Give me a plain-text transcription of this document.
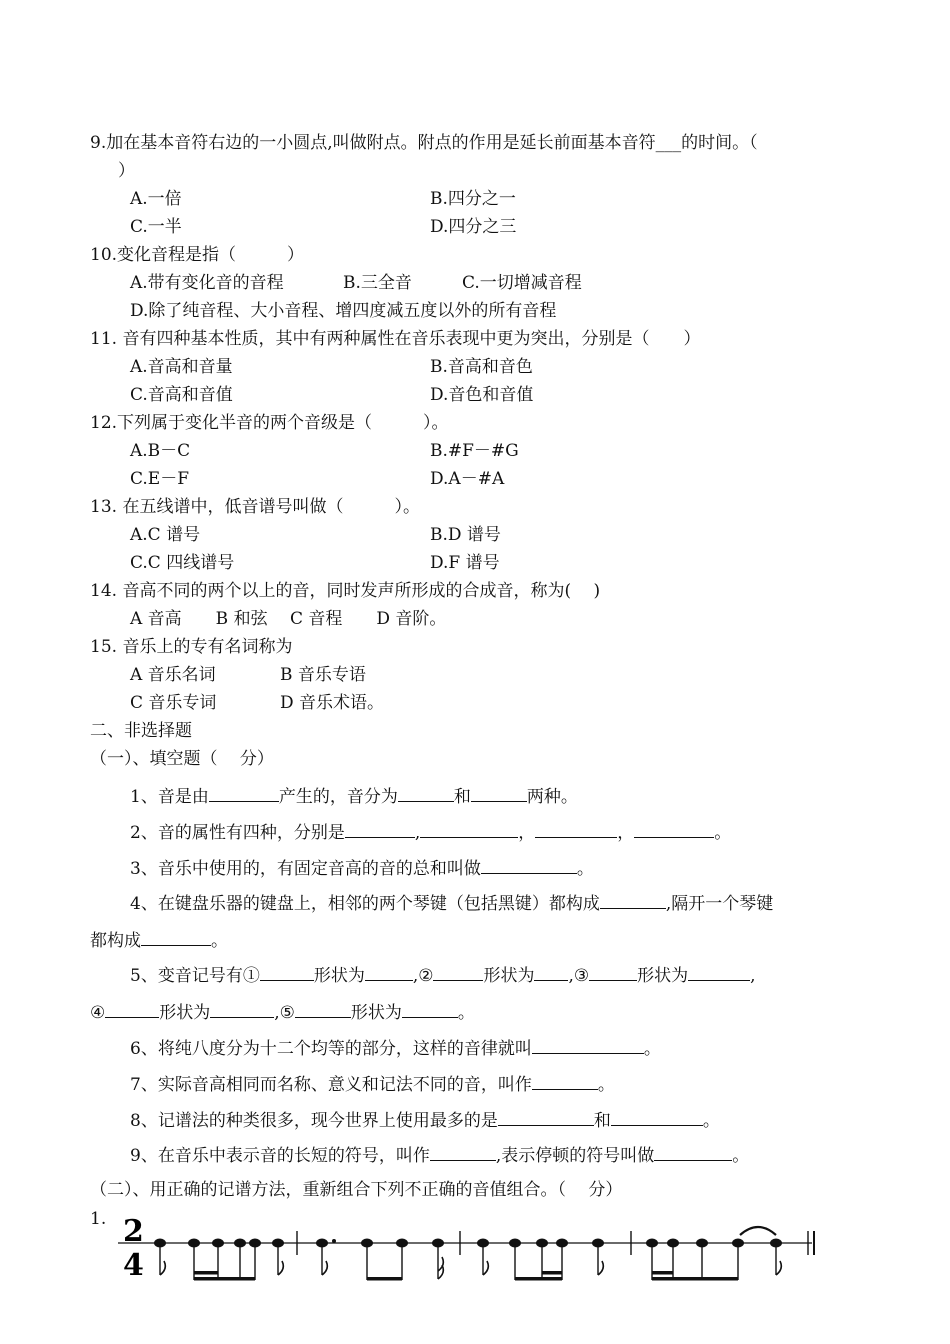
9.加在基本音符右边的一小圆点,叫做附点。附点的作用是延长前面基本音符___的时间。（
）
A.一倍	B.四分之一
C.一半	D.四分之三
10.变化音程是指（　　　）
A.带有变化音的音程	B.三全音	C.一切增减音程
D.除了纯音程、大小音程、增四度减五度以外的所有音程
11. 音有四种基本性质，其中有两种属性在音乐表现中更为突出，分别是（　　）
A.音高和音量	B.音高和音色
C.音高和音值	D.音色和音值
12.下列属于变化半音的两个音级是（　　　）。
A.B－C	B.#F－#G
C.E－F	D.A－#A
13. 在五线谱中，低音谱号叫做（　　　）。
A.C 谱号	B.D 谱号
C.C 四线谱号	D.F 谱号
14. 音高不同的两个以上的音，同时发声所形成的合成音，称为(　 )
A 音高　　B 和弦　 C 音程　　D 音阶。
15. 音乐上的专有名词称为
A 音乐名词	B 音乐专语
C 音乐专词	D 音乐术语。
二、非选择题
（一）、填空题（　 分）
1、音是由	产生的，音分为	和	两种。
2、音的属性有四种，分别是	,	，	，	。
3、音乐中使用的，有固定音高的音的总和叫做	。
4、在键盘乐器的键盘上，相邻的两个琴键（包括黑键）都构成	,隔开一个琴键
都构成	。
5、变音记号有①	形状为	,②	形状为 ,③	形状为	,
④	形状为	,⑤	形状为	。
6、将纯八度分为十二个均等的部分，这样的音律就叫	。
7、实际音高相同而名称、意义和记法不同的音，叫作	。
8、记谱法的种类很多，现今世界上使用最多的是	和	。
9、在音乐中表示音的长短的符号，叫作	,表示停顿的符号叫做	。
（二）、用正确的记谱方法，重新组合下列不正确的音值组合。（　 分）
1. 2
4
